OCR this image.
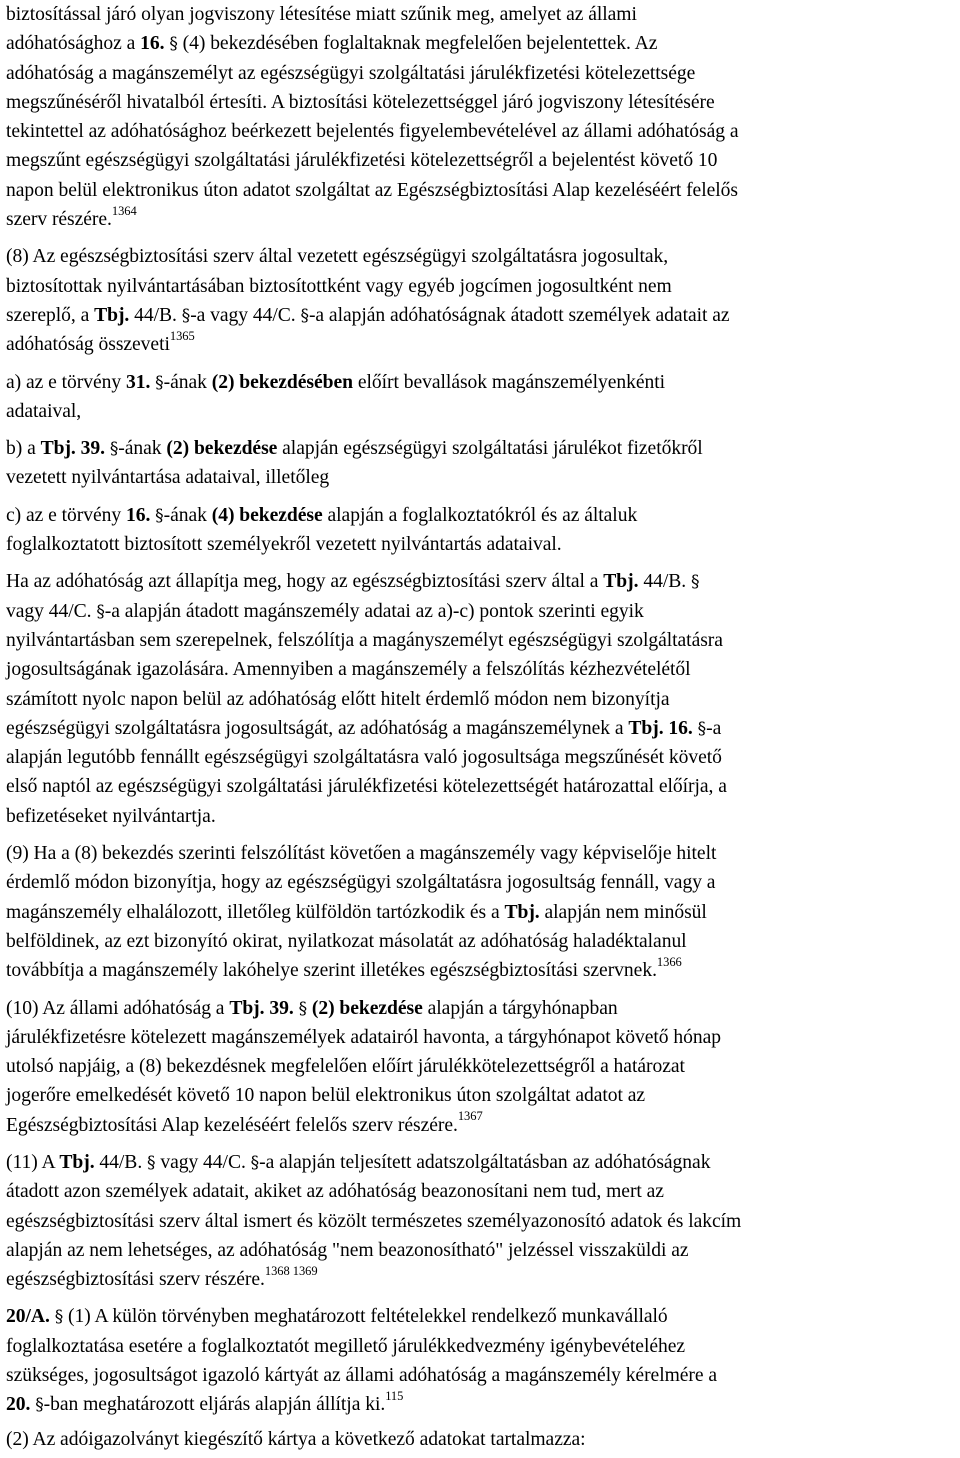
biztosítással járó olyan jogviszony létesítése miatt szűnik meg, amelyet az állami
adóhatósághoz a 16. § (4) bekezdésében foglaltaknak megfelelően bejelentettek. Az
adóhatóság a magánszemélyt az egészségügyi szolgáltatási járulékfizetési kötelezettsége
megszűnéséről hivatalból értesíti. A biztosítási kötelezettséggel járó jogviszony létesítésére
tekintettel az adóhatósághoz beérkezett bejelentés figyelembevételével az állami adóhatóság a
megszűnt egészségügyi szolgáltatási járulékfizetési kötelezettségről a bejelentést követő 10
napon belül elektronikus úton adatot szolgáltat az Egészségbiztosítási Alap kezeléséért felelős
szerv részére.$^{1364}$
(8) Az egészségbiztosítási szerv által vezetett egészségügyi szolgáltatásra jogosultak,
biztosítottak nyilvántartásában biztosítottként vagy egyéb jogcímen jogosultként nem
szereplő, a Tbj. 44/B. §-a vagy 44/C. §-a alapján adóhatóságnak átadott személyek adatait az
adóhatóság összeveti$^{1365}$
a) az e törvény 31. §-ának (2) bekezdésében előírt bevallások magánszemélyenkénti
adataival,
b) a Tbj. 39. §-ának (2) bekezdése alapján egészségügyi szolgáltatási járulékot fizetőkről
vezetett nyilvántartása adataival, illetőleg
c) az e törvény 16. §-ának (4) bekezdése alapján a foglalkoztatókról és az általuk
foglalkoztatott biztosított személyekről vezetett nyilvántartás adataival.
Ha az adóhatóság azt állapítja meg, hogy az egészségbiztosítási szerv által a Tbj. 44/B. §
vagy 44/C. §-a alapján átadott magánszemély adatai az a)-c) pontok szerinti egyik
nyilvántartásban sem szerepelnek, felszólítja a magányszemélyt egészségügyi szolgáltatásra
jogosultságának igazolására. Amennyiben a magánszemély a felszólítás kézhezvételétől
számított nyolc napon belül az adóhatóság előtt hitelt érdemlő módon nem bizonyítja
egészségügyi szolgáltatásra jogosultságát, az adóhatóság a magánszemélynek a Tbj. 16. §-a
alapján legutóbb fennállt egészségügyi szolgáltatásra való jogosultsága megszűnését követő
első naptól az egészségügyi szolgáltatási járulékfizetési kötelezettségét határozattal előírja, a
befizetéseket nyilvántartja.
(9) Ha a (8) bekezdés szerinti felszólítást követően a magánszemély vagy képviselője hitelt
érdemlő módon bizonyítja, hogy az egészségügyi szolgáltatásra jogosultság fennáll, vagy a
magánszemély elhalálozott, illetőleg külföldön tartózkodik és a Tbj. alapján nem minősül
belföldinek, az ezt bizonyító okirat, nyilatkozat másolatát az adóhatóság haladéktalanul
továbbítja a magánszemély lakóhelye szerint illetékes egészségbiztosítási szervnek.$^{1366}$
(10) Az állami adóhatóság a Tbj. 39. § (2) bekezdése alapján a tárgyhónapban
járulékfizetésre kötelezett magánszemélyek adatairól havonta, a tárgyhónapot követő hónap
utolsó napjáig, a (8) bekezdésnek megfelelően előírt járulékkötelezettségről a határozat
jogerőre emelkedését követő 10 napon belül elektronikus úton szolgáltat adatot az
Egészségbiztosítási Alap kezeléséért felelős szerv részére.$^{1367}$
(11) A Tbj. 44/B. § vagy 44/C. §-a alapján teljesített adatszolgáltatásban az adóhatóságnak
átadott azon személyek adatait, akiket az adóhatóság beazonosítani nem tud, mert az
egészségbiztosítási szerv által ismert és közölt természetes személyazonosító adatok és lakcím
alapján az nem lehetséges, az adóhatóság "nem beazonosítható" jelzéssel visszaküldi az
egészségbiztosítási szerv részére.$^{1368 1369}$
20/A. § (1) A külön törvényben meghatározott feltételekkel rendelkező munkavállaló
foglalkoztatása esetére a foglalkoztatót megillető járulékkedvezmény igénybevételéhez
szükséges, jogosultságot igazoló kártyát az állami adóhatóság a magánszemély kérelmére a
20. §-ban meghatározott eljárás alapján állítja ki.$^{115}$
(2) Az adóigazolványt kiegészítő kártya a következő adatokat tartalmazza:
